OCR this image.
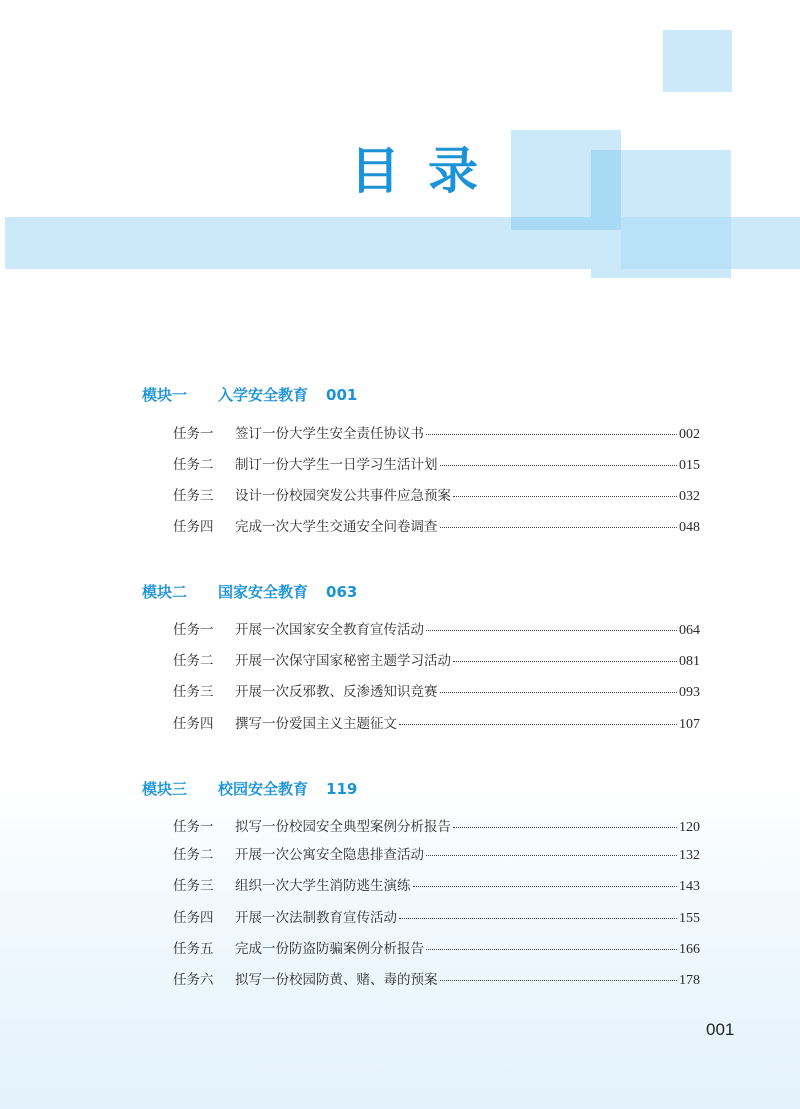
目录
模块一	入学安全教育 001
任务一	签订一份大学生安全责任协议书	002
任务二	制订一份大学生一日学习生活计划	015
任务三	设计一份校园突发公共事件应急预案	032
任务四	完成一次大学生交通安全问卷调查	048
模块二	国家安全教育 063
任务一	开展一次国家安全教育宣传活动	064
任务二	开展一次保守国家秘密主题学习活动	081
任务三	开展一次反邪教、反渗透知识竞赛	093
任务四	撰写一份爱国主义主题征文	107
模块三	校园安全教育 119
任务一	拟写一份校园安全典型案例分析报告	120
任务二	开展一次公寓安全隐患排查活动	132
任务三	组织一次大学生消防逃生演练	143
任务四	开展一次法制教育宣传活动	155
任务五	完成一份防盗防骗案例分析报告	166
任务六	拟写一份校园防黄、赌、毒的预案	178
001
